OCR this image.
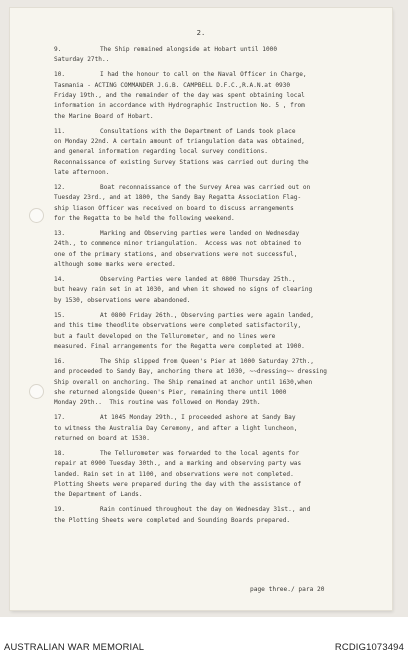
2.
9.	The Ship remained alongside at Hobart until 1000
Saturday 27th..
10.	I had the honour to call on the Naval Officer in Charge,
Tasmania - ACTING COMMANDER J.G.B. CAMPBELL D.F.C.,R.A.N.at 0930
Friday 19th., and the remainder of the day was spent obtaining local
information in accordance with Hydrographic Instruction No. 5 , from
the Marine Board of Hobart.
11.	Consultations with the Department of Lands took place
on Monday 22nd. A certain amount of triangulation data was obtained,
and general information regarding local survey conditions.
Reconnaissance of existing Survey Stations was carried out during the
late afternoon.
12.	Boat reconnaissance of the Survey Area was carried out on
Tuesday 23rd., and at 1800, the Sandy Bay Regatta Association Flag-
ship liason Officer was received on board to discuss arrangements
for the Regatta to be held the following weekend.
13.	Marking and Observing parties were landed on Wednesday
24th., to commence minor triangulation.  Access was not obtained to
one of the primary stations, and observations were not successful,
although some marks were erected.
14.	Observing Parties were landed at 0800 Thursday 25th.,
but heavy rain set in at 1030, and when it showed no signs of clearing
by 1530, observations were abandoned.
15.	At 0800 Friday 26th., Observing parties were again landed,
and this time theodlite observations were completed satisfactorily,
but a fault developed on the Tellurometer, and no lines were
measured. Final arrangements for the Regatta were completed at 1900.
16.	The Ship slipped from Queen's Pier at 1000 Saturday 27th.,
and proceeded to Sandy Bay, anchoring there at 1030, ~~dressing~~ dressing
Ship overall on anchoring. The Ship remained at anchor until 1630,when
she returned alongside Queen's Pier, remaining there until 1000
Monday 29th..  This routine was followed on Monday 29th.
17.	At 1045 Monday 29th., I proceeded ashore at Sandy Bay
to witness the Australia Day Ceremony, and after a light luncheon,
returned on board at 1530.
18.	The Tellurometer was forwarded to the local agents for
repair at 0900 Tuesday 30th., and a marking and observing party was
landed. Rain set in at 1100, and observations were not completed.
Plotting Sheets were prepared during the day with the assistance of
the Department of Lands.
19.	Rain continued throughout the day on Wednesday 31st., and
the Plotting Sheets were completed and Sounding Boards prepared.
page three./ para 20
AUSTRALIAN WAR MEMORIAL	RCDIG1073494
